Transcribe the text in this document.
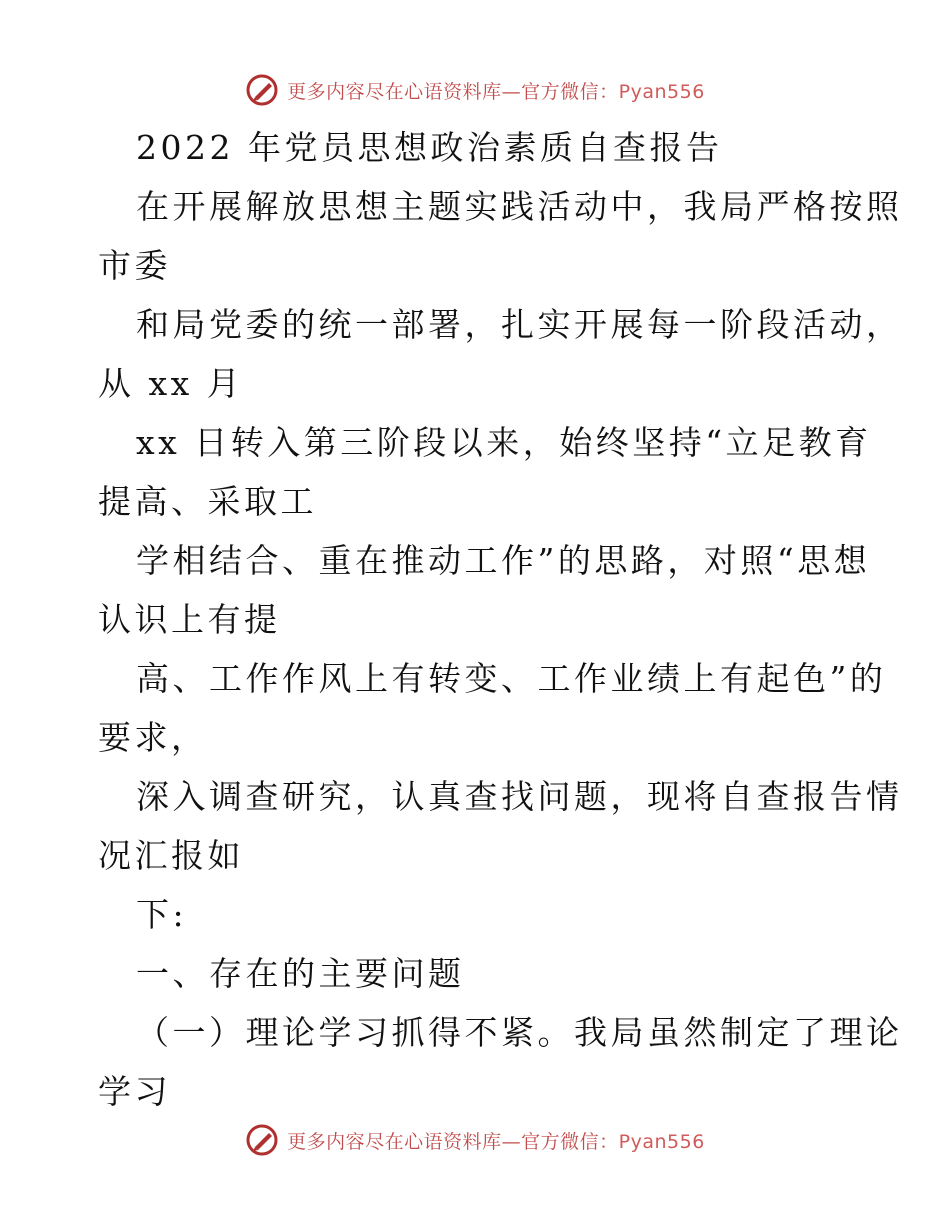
更多内容尽在心语资料库—官方微信：Pyan556
2022 年党员思想政治素质自查报告
在开展解放思想主题实践活动中，我局严格按照
市委
和局党委的统一部署，扎实开展每一阶段活动，
从 xx 月
xx 日转入第三阶段以来，始终坚持“立足教育
提高、采取工
学相结合、重在推动工作”的思路，对照“思想
认识上有提
高、工作作风上有转变、工作业绩上有起色”的
要求，
深入调查研究，认真查找问题，现将自查报告情
况汇报如
下:
一、存在的主要问题
（一）理论学习抓得不紧。我局虽然制定了理论
学习
更多内容尽在心语资料库—官方微信：Pyan556
